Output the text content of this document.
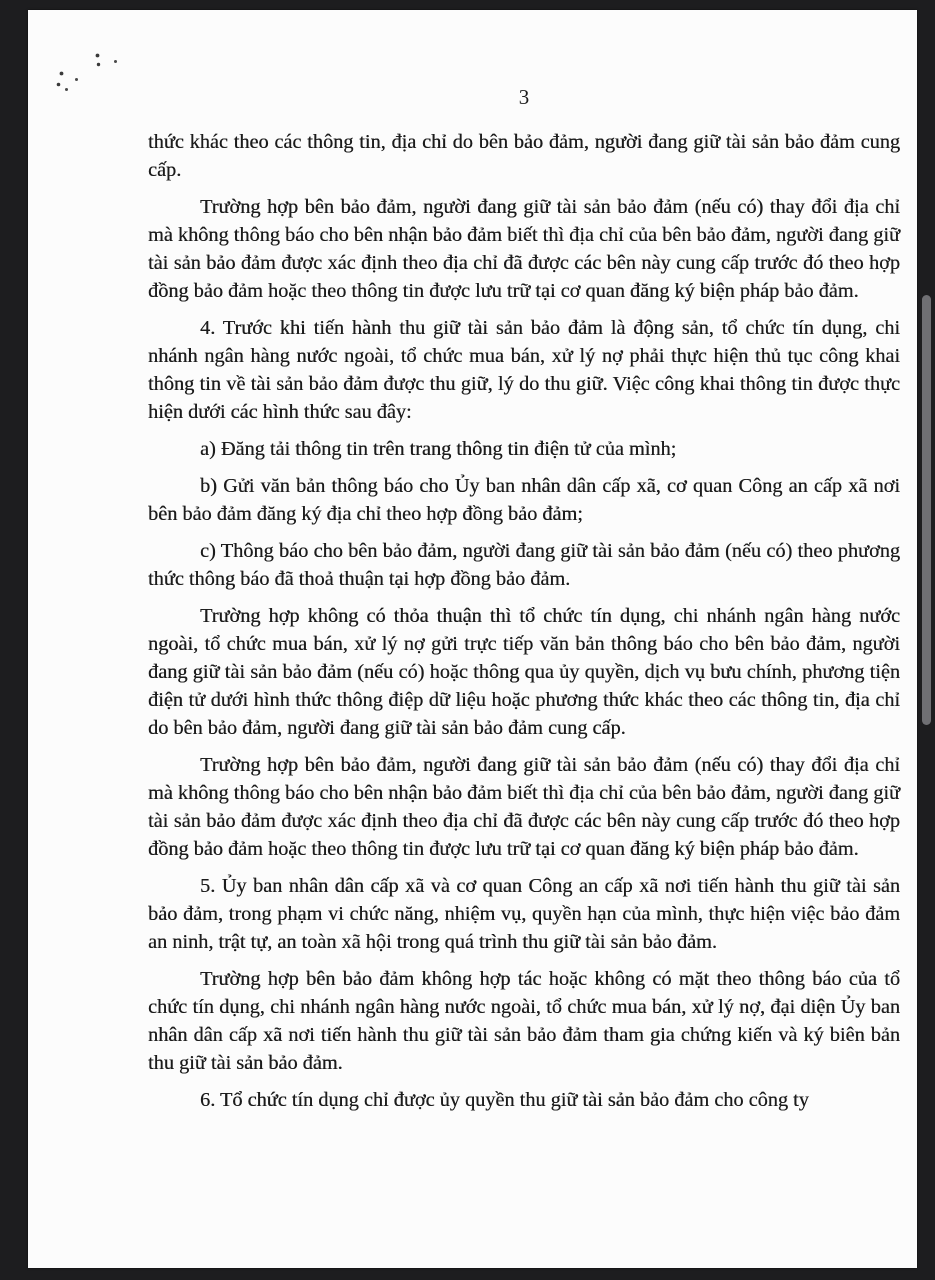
3

thức khác theo các thông tin, địa chỉ do bên bảo đảm, người đang giữ tài sản bảo đảm cung cấp.

Trường hợp bên bảo đảm, người đang giữ tài sản bảo đảm (nếu có) thay đổi địa chỉ mà không thông báo cho bên nhận bảo đảm biết thì địa chỉ của bên bảo đảm, người đang giữ tài sản bảo đảm được xác định theo địa chỉ đã được các bên này cung cấp trước đó theo hợp đồng bảo đảm hoặc theo thông tin được lưu trữ tại cơ quan đăng ký biện pháp bảo đảm.

4. Trước khi tiến hành thu giữ tài sản bảo đảm là động sản, tổ chức tín dụng, chi nhánh ngân hàng nước ngoài, tổ chức mua bán, xử lý nợ phải thực hiện thủ tục công khai thông tin về tài sản bảo đảm được thu giữ, lý do thu giữ. Việc công khai thông tin được thực hiện dưới các hình thức sau đây:

a) Đăng tải thông tin trên trang thông tin điện tử của mình;

b) Gửi văn bản thông báo cho Ủy ban nhân dân cấp xã, cơ quan Công an cấp xã nơi bên bảo đảm đăng ký địa chỉ theo hợp đồng bảo đảm;

c) Thông báo cho bên bảo đảm, người đang giữ tài sản bảo đảm (nếu có) theo phương thức thông báo đã thoả thuận tại hợp đồng bảo đảm.

Trường hợp không có thỏa thuận thì tổ chức tín dụng, chi nhánh ngân hàng nước ngoài, tổ chức mua bán, xử lý nợ gửi trực tiếp văn bản thông báo cho bên bảo đảm, người đang giữ tài sản bảo đảm (nếu có) hoặc thông qua ủy quyền, dịch vụ bưu chính, phương tiện điện tử dưới hình thức thông điệp dữ liệu hoặc phương thức khác theo các thông tin, địa chỉ do bên bảo đảm, người đang giữ tài sản bảo đảm cung cấp.

Trường hợp bên bảo đảm, người đang giữ tài sản bảo đảm (nếu có) thay đổi địa chỉ mà không thông báo cho bên nhận bảo đảm biết thì địa chỉ của bên bảo đảm, người đang giữ tài sản bảo đảm được xác định theo địa chỉ đã được các bên này cung cấp trước đó theo hợp đồng bảo đảm hoặc theo thông tin được lưu trữ tại cơ quan đăng ký biện pháp bảo đảm.

5. Ủy ban nhân dân cấp xã và cơ quan Công an cấp xã nơi tiến hành thu giữ tài sản bảo đảm, trong phạm vi chức năng, nhiệm vụ, quyền hạn của mình, thực hiện việc bảo đảm an ninh, trật tự, an toàn xã hội trong quá trình thu giữ tài sản bảo đảm.

Trường hợp bên bảo đảm không hợp tác hoặc không có mặt theo thông báo của tổ chức tín dụng, chi nhánh ngân hàng nước ngoài, tổ chức mua bán, xử lý nợ, đại diện Ủy ban nhân dân cấp xã nơi tiến hành thu giữ tài sản bảo đảm tham gia chứng kiến và ký biên bản thu giữ tài sản bảo đảm.

6. Tổ chức tín dụng chỉ được ủy quyền thu giữ tài sản bảo đảm cho công ty
